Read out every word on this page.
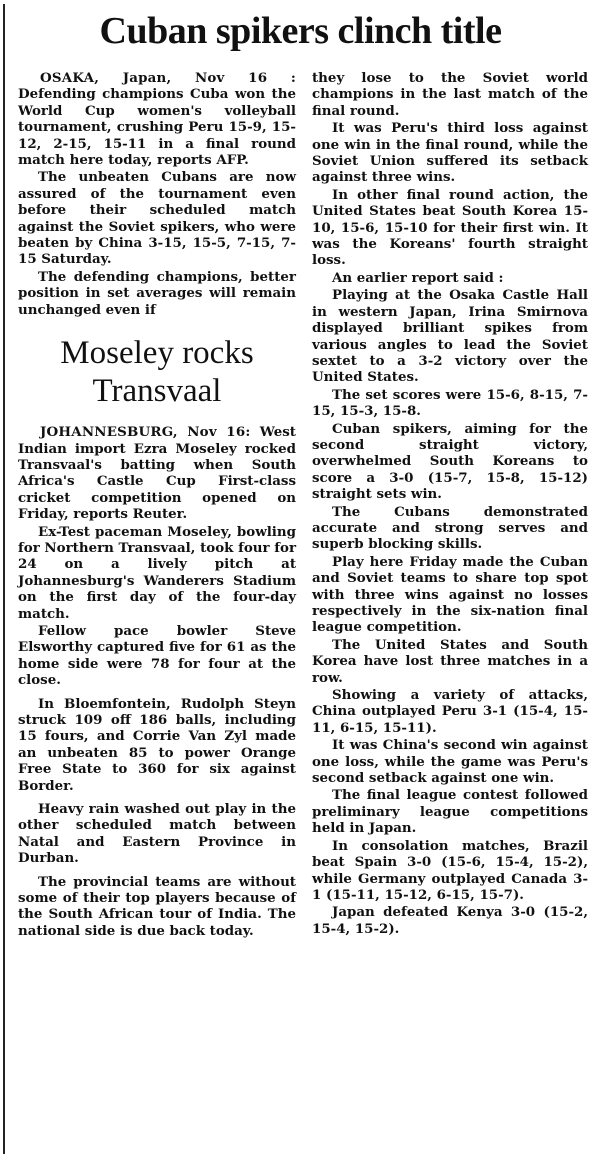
Cuban spikers clinch title

OSAKA, Japan, Nov 16 : Defending champions Cuba won the World Cup women's volleyball tournament, crushing Peru 15-9, 15-12, 2-15, 15-11 in a final round match here today, reports AFP.

The unbeaten Cubans are now assured of the tournament even before their scheduled match against the Soviet spikers, who were beaten by China 3-15, 15-5, 7-15, 7-15 Saturday.

The defending champions, better position in set averages will remain unchanged even if

Moseley rocks
Transvaal

JOHANNESBURG, Nov 16: West Indian import Ezra Moseley rocked Transvaal's batting when South Africa's Castle Cup First-class cricket competition opened on Friday, reports Reuter.

Ex-Test paceman Moseley, bowling for Northern Transvaal, took four for 24 on a lively pitch at Johannesburg's Wanderers Stadium on the first day of the four-day match.

Fellow pace bowler Steve Elsworthy captured five for 61 as the home side were 78 for four at the close.

In Bloemfontein, Rudolph Steyn struck 109 off 186 balls, including 15 fours, and Corrie Van Zyl made an unbeaten 85 to power Orange Free State to 360 for six against Border.

Heavy rain washed out play in the other scheduled match between Natal and Eastern Province in Durban.

The provincial teams are without some of their top players because of the South African tour of India. The national side is due back today.

they lose to the Soviet world champions in the last match of the final round.

It was Peru's third loss against one win in the final round, while the Soviet Union suffered its setback against three wins.

In other final round action, the United States beat South Korea 15-10, 15-6, 15-10 for their first win. It was the Koreans' fourth straight loss.

An earlier report said :

Playing at the Osaka Castle Hall in western Japan, Irina Smirnova displayed brilliant spikes from various angles to lead the Soviet sextet to a 3-2 victory over the United States.

The set scores were 15-6, 8-15, 7-15, 15-3, 15-8.

Cuban spikers, aiming for the second straight victory, overwhelmed South Koreans to score a 3-0 (15-7, 15-8, 15-12) straight sets win.

The Cubans demonstrated accurate and strong serves and superb blocking skills.

Play here Friday made the Cuban and Soviet teams to share top spot with three wins against no losses respectively in the six-nation final league competition.

The United States and South Korea have lost three matches in a row.

Showing a variety of attacks, China outplayed Peru 3-1 (15-4, 15-11, 6-15, 15-11).

It was China's second win against one loss, while the game was Peru's second setback against one win.

The final league contest followed preliminary league competitions held in Japan.

In consolation matches, Brazil beat Spain 3-0 (15-6, 15-4, 15-2), while Germany outplayed Canada 3-1 (15-11, 15-12, 6-15, 15-7).

Japan defeated Kenya 3-0 (15-2, 15-4, 15-2).
